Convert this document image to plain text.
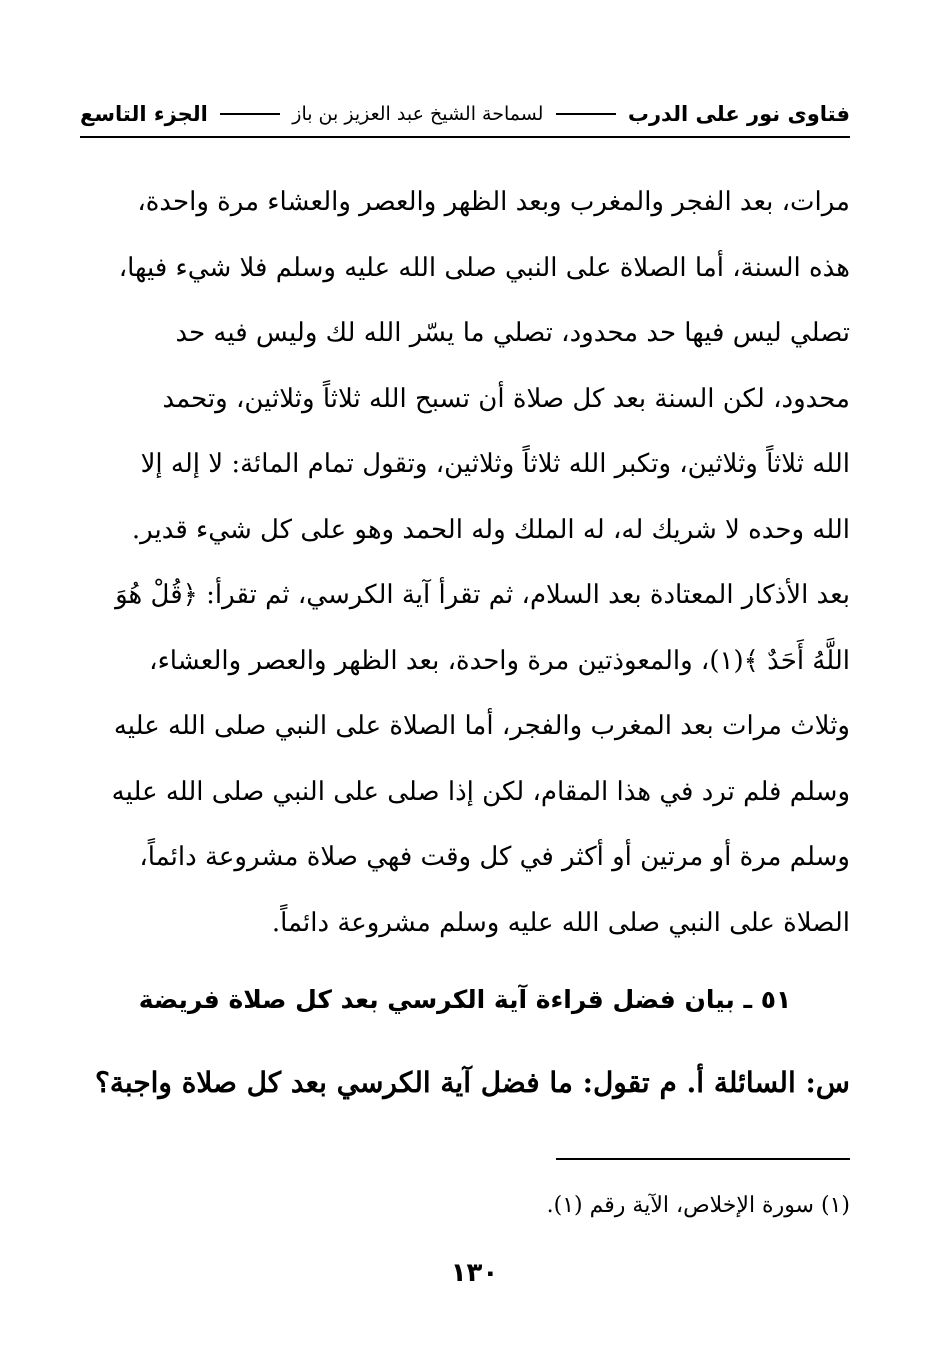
فتاوى نور على الدرب
لسماحة الشيخ عبد العزيز بن باز
الجزء التاسع

مرات، بعد الفجر والمغرب وبعد الظهر والعصر والعشاء مرة واحدة،

هذه السنة، أما الصلاة على النبي صلى الله عليه وسلم فلا شيء فيها،

تصلي ليس فيها حد محدود، تصلي ما يسّر الله لك وليس فيه حد

محدود، لكن السنة بعد كل صلاة أن تسبح الله ثلاثاً وثلاثين، وتحمد

الله ثلاثاً وثلاثين، وتكبر الله ثلاثاً وثلاثين، وتقول تمام المائة: لا إله إلا

الله وحده لا شريك له، له الملك وله الحمد وهو على كل شيء قدير.

بعد الأذكار المعتادة بعد السلام، ثم تقرأ آية الكرسي، ثم تقرأ: ﴿قُلْ هُوَ

اللَّهُ أَحَدٌ ﴾(١)، والمعوذتين مرة واحدة، بعد الظهر والعصر والعشاء،

وثلاث مرات بعد المغرب والفجر، أما الصلاة على النبي صلى الله عليه

وسلم فلم ترد في هذا المقام، لكن إذا صلى على النبي صلى الله عليه

وسلم مرة أو مرتين أو أكثر في كل وقت فهي صلاة مشروعة دائماً،

الصلاة على النبي صلى الله عليه وسلم مشروعة دائماً.

٥١ ـ بيان فضل قراءة آية الكرسي بعد كل صلاة فريضة
س: السائلة أ. م تقول: ما فضل آية الكرسي بعد كل صلاة واجبة؟
(١) سورة الإخلاص، الآية رقم (١).
١٣٠
